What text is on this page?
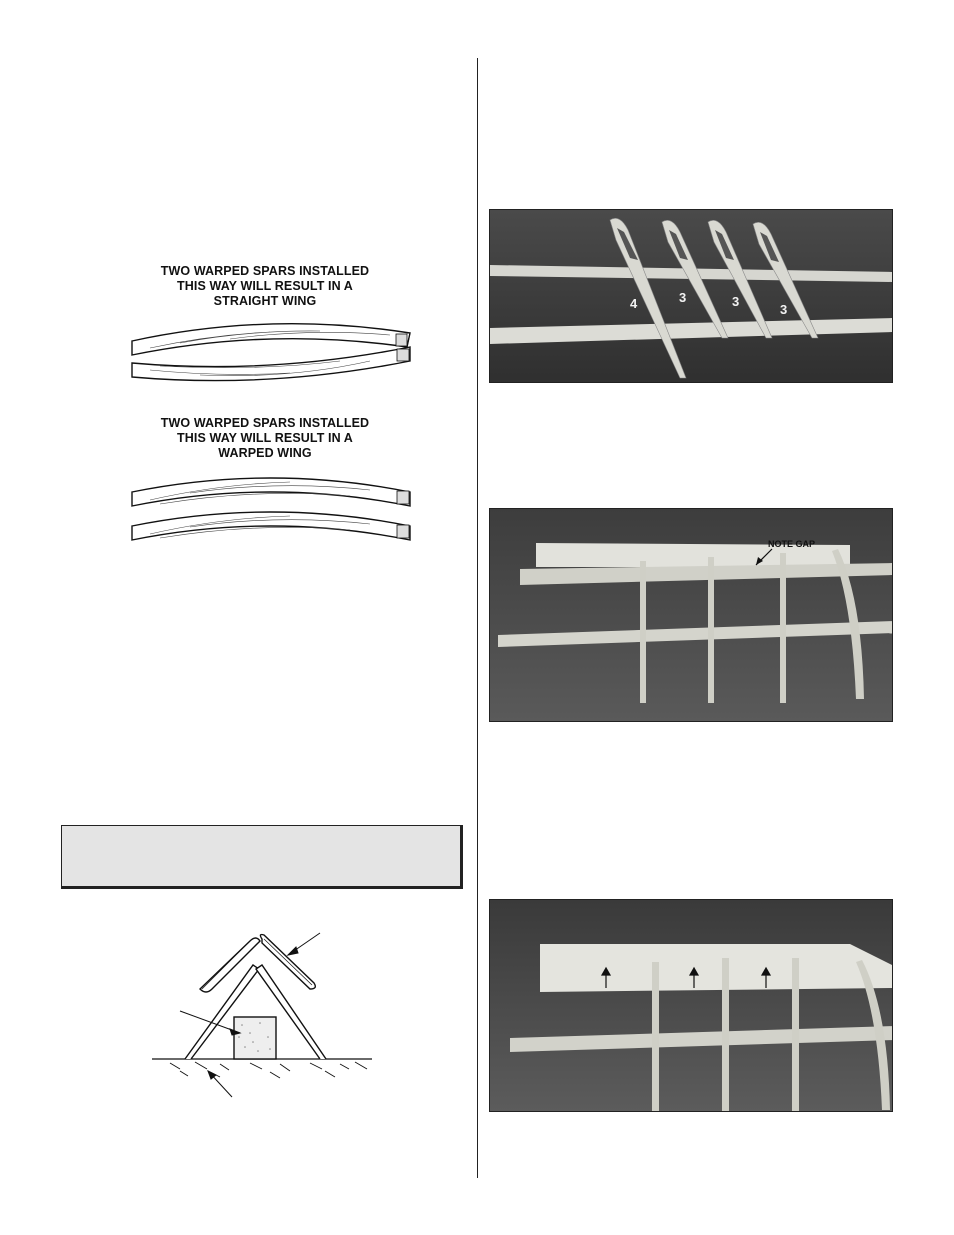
TWO WARPED SPARS INSTALLED
THIS WAY WILL RESULT IN A
STRAIGHT WING
TWO WARPED SPARS INSTALLED
THIS WAY WILL RESULT IN A
WARPED WING
4	3	3
3
NOTE GAP
